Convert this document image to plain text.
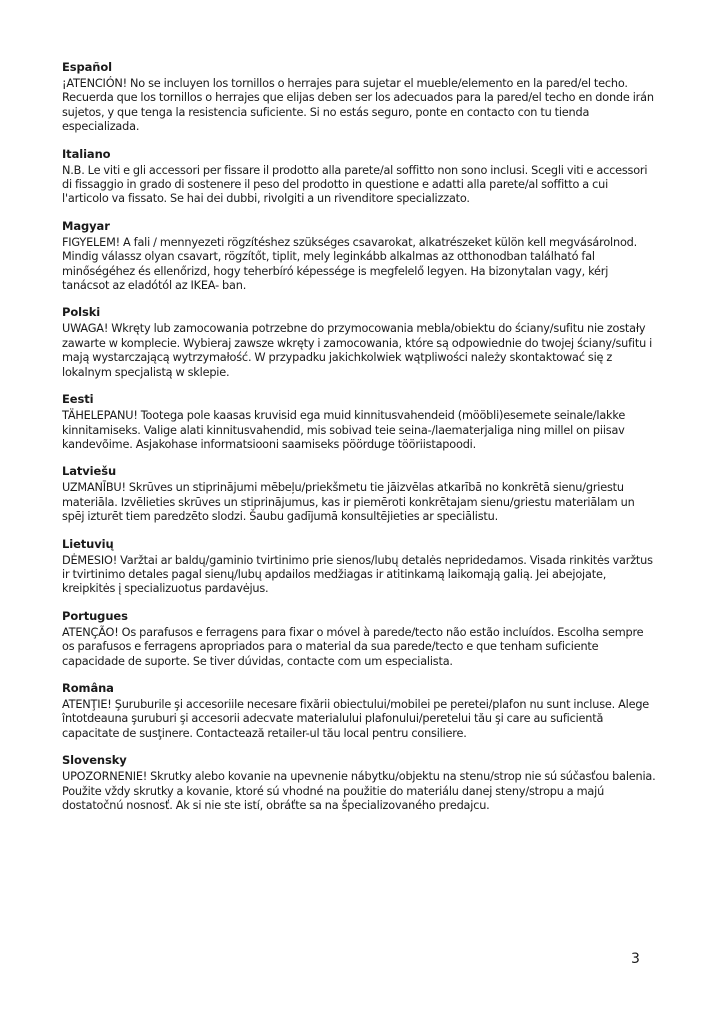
Español

¡ATENCIÓN! No se incluyen los tornillos o herrajes para sujetar el mueble/elemento en la pared/el techo. Recuerda que los tornillos o herrajes que elijas deben ser los adecuados para la pared/el techo en donde irán sujetos, y que tenga la resistencia suficiente. Si no estás seguro, ponte en contacto con tu tienda especializada.

Italiano

N.B. Le viti e gli accessori per fissare il prodotto alla parete/al soffitto non sono inclusi. Scegli viti e accessori di fissaggio in grado di sostenere il peso del prodotto in questione e adatti alla parete/al soffitto a cui l'articolo va fissato. Se hai dei dubbi, rivolgiti a un rivenditore specializzato.

Magyar

FIGYELEM! A fali / mennyezeti rögzítéshez szükséges csavarokat, alkatrészeket külön kell megvásárolnod. Mindig válassz olyan csavart, rögzítőt, tiplit, mely leginkább alkalmas az otthonodban található fal minőségéhez és ellenőrizd, hogy teherbíró képessége is megfelelő legyen. Ha bizonytalan vagy, kérj tanácsot az eladótól az IKEA- ban.

Polski

UWAGA! Wkręty lub zamocowania potrzebne do przymocowania mebla/obiektu do ściany/sufitu nie zostały zawarte w komplecie. Wybieraj zawsze wkręty i zamocowania, które są odpowiednie do twojej ściany/sufitu i mają wystarczającą wytrzymałość. W przypadku jakichkolwiek wątpliwości należy skontaktować się z lokalnym specjalistą w sklepie.

Eesti

TÄHELEPANU! Tootega pole kaasas kruvisid ega muid kinnitusvahendeid (mööbli)esemete seinale/lakke kinnitamiseks. Valige alati kinnitusvahendid, mis sobivad teie seina-/laematerjaliga ning millel on piisav kandevõime. Asjakohase informatsiooni saamiseks pöörduge tööriistapoodi.

Latviešu

UZMANĪBU! Skrūves un stiprinājumi mēbeļu/priekšmetu tie jāizvēlas atkarībā no konkrētā sienu/griestu materiāla. Izvēlieties skrūves un stiprinājumus, kas ir piemēroti konkrētajam sienu/griestu materiālam un spēj izturēt tiem paredzēto slodzi. Šaubu gadījumā konsultējieties ar speciālistu.

Lietuvių

DĖMESIO! Varžtai ar baldų/gaminio tvirtinimo prie sienos/lubų detalės nepridedamos. Visada rinkitės varžtus ir tvirtinimo detales pagal sienų/lubų apdailos medžiagas ir atitinkamą laikomąją galią. Jei abejojate, kreipkitės į specializuotus pardavėjus.

Portugues

ATENÇÃO! Os parafusos e ferragens para fixar o móvel à parede/tecto não estão incluídos. Escolha sempre os parafusos e ferragens apropriados para o material da sua parede/tecto e que tenham suficiente capacidade de suporte. Se tiver dúvidas, contacte com um especialista.

Româna

ATENŢIE! Şuruburile şi accesoriile necesare fixării obiectului/mobilei pe peretei/plafon nu sunt incluse. Alege întotdeauna şuruburi şi accesorii adecvate materialului plafonului/peretelui tău şi care au suficientă capacitate de susţinere. Contactează retailer-ul tău local pentru consiliere.

Slovensky

UPOZORNENIE! Skrutky alebo kovanie na upevnenie nábytku/objektu na stenu/strop nie sú súčasťou balenia. Použite vždy skrutky a kovanie, ktoré sú vhodné na použitie do materiálu danej steny/stropu a majú dostatočnú nosnosť. Ak si nie ste istí, obráťte sa na špecializovaného predajcu.

3
